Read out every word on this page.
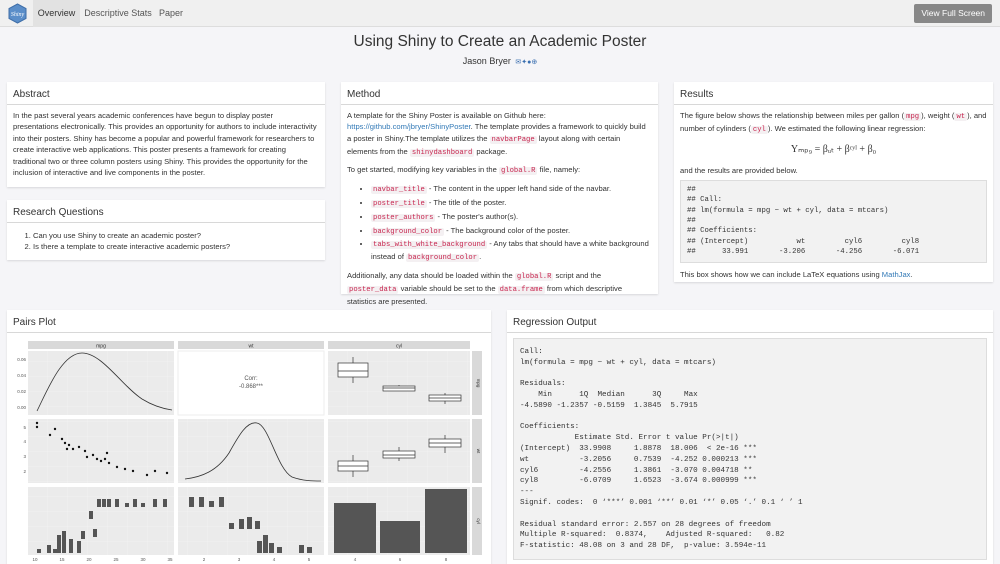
Shiny	Overview Descriptive Stats Paper	View Full Screen
Using Shiny to Create an Academic Poster
Jason Bryer ✉✦●⊕
Abstract
In the past several years academic conferences have begun to display poster presentations electronically. This provides an opportunity for authors to include interactivity into their posters. Shiny has become a popular and powerful framework for researchers to create interactive web applications. This poster presents a framework for creating traditional two or three column posters using Shiny. This provides the opportunity for the inclusion of interactive and live components in the poster.
Research Questions
1. Can you use Shiny to create an academic poster?
2. Is there a template to create interactive academic posters?
Method

A template for the Shiny Poster is available on Github here: https://github.com/jbryer/ShinyPoster. The template provides a framework to quickly build a poster in Shiny.The template utilizes the navbarPage layout along with certain elements from the shinydashboard package.

To get started, modifying key variables in the global.R file, namely:

• navbar_title - The content in the upper left hand side of the navbar.
• poster_title - The title of the poster.
• poster_authors - The poster's author(s).
• background_color - The background color of the poster.
• tabs_with_white_background - Any tabs that should have a white background instead of background_color .

Additionally, any data should be loaded within the global.R script and the poster_data variable should be set to the data.frame from which descriptive statistics are presented.

Results

The figure below shows the relationship between miles per gallon ( mpg ), weight ( wt ), and number of cylinders ( cyl ). We estimated the following linear regression:

Yₘₚ₉ = βᵤₜ + βᶜʸˡ + β₀

and the results are provided below.

##
## Call:
## lm(formula = mpg ~ wt + cyl, data = mtcars)
##
## Coefficients:
## (Intercept)           wt         cyl6         cyl8
##      33.991       -3.206       -4.256       -6.071

This box shows how we can include LaTeX equations using MathJax.

Pairs Plot
mpg	wt	cyl
mpg
wt
cyl
Corr:
-0.868***
0.06
0.04
0.02
0.00
5
4
3
2
10	15	20	25	30	35	2	3	4	5	4	6	8
Regression Output
Call:
lm(formula = mpg ~ wt + cyl, data = mtcars)

Residuals:
Min      1Q  Median      3Q     Max
-4.5890 -1.2357 -0.5159  1.3845  5.7915

Coefficients:
Estimate Std. Error t value Pr(>|t|)
(Intercept)  33.9908     1.8878  18.006  < 2e-16 ***
wt           -3.2056     0.7539  -4.252 0.000213 ***
cyl6         -4.2556     1.3861  -3.070 0.004718 **
cyl8         -6.0709     1.6523  -3.674 0.000999 ***
---
Signif. codes:  0 ‘***’ 0.001 ‘**’ 0.01 ‘*’ 0.05 ‘.’ 0.1 ‘ ’ 1

Residual standard error: 2.557 on 28 degrees of freedom
Multiple R-squared:  0.8374,    Adjusted R-squared:   0.82
F-statistic: 48.08 on 3 and 28 DF,  p-value: 3.594e-11
